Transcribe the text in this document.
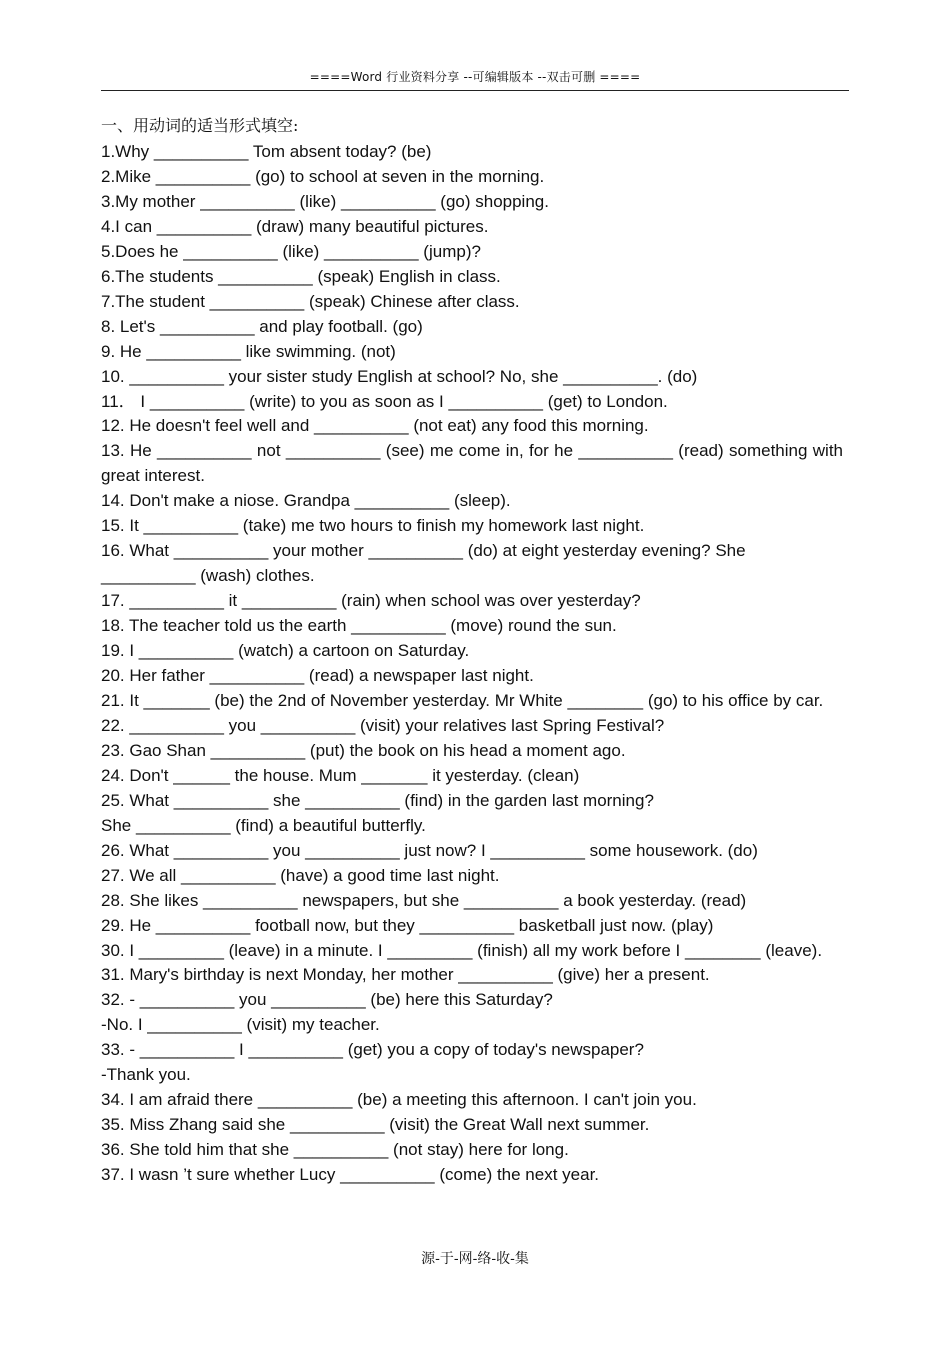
====Word 行业资料分享 --可编辑版本 --双击可删 ====
一、用动词的适当形式填空:

1.Why __________ Tom absent today? (be)

2.Mike __________ (go) to school at seven in the morning.

3.My mother __________ (like) __________ (go) shopping.

4.I can __________ (draw) many beautiful pictures.

5.Does he __________ (like) __________ (jump)?

6.The students __________ (speak) English in class.

7.The student __________ (speak) Chinese after class.

8. Let's __________ and play football. (go)

9. He __________ like swimming. (not)

10. __________ your sister study English at school? No, she __________. (do)

11． I __________ (write) to you as soon as I __________ (get) to London.

12. He doesn't feel well and __________ (not eat) any food this morning.

13. He __________ not __________ (see) me come in, for he __________ (read) something with great interest.

14. Don't make a niose. Grandpa __________ (sleep).

15. It __________ (take) me two hours to finish my homework last night.

16. What __________ your mother __________ (do) at eight yesterday evening? She __________ (wash) clothes.

17. __________ it __________ (rain) when school was over yesterday?

18. The teacher told us the earth __________ (move) round the sun.

19. I __________ (watch) a cartoon on Saturday.

20. Her father __________ (read) a newspaper last night.

21. It _______ (be) the 2nd of November yesterday. Mr White ________ (go) to his office by car.

22. __________ you __________ (visit) your relatives last Spring Festival?

23. Gao Shan __________ (put) the book on his head a moment ago.

24. Don't ______ the house. Mum _______ it yesterday. (clean)

25. What __________ she __________ (find) in the garden last morning?

She __________ (find) a beautiful butterfly.

26. What __________ you __________ just now? I __________ some housework. (do)

27. We all __________ (have) a good time last night.

28. She likes __________ newspapers, but she __________ a book yesterday. (read)

29. He __________ football now, but they __________ basketball just now. (play)

30. I _________ (leave) in a minute. I _________ (finish) all my work before I ________ (leave).

31. Mary's birthday is next Monday, her mother __________ (give) her a present.

32. - __________ you __________ (be) here this Saturday?

-No. I __________ (visit) my teacher.

33. - __________ I __________ (get) you a copy of today's newspaper?

-Thank you.

34. I am afraid there __________ (be) a meeting this afternoon. I can't join you.

35. Miss Zhang said she __________ (visit) the Great Wall next summer.

36. She told him that she __________ (not stay) here for long.

37. I wasn ’t sure whether Lucy __________ (come) the next year.

源-于-网-络-收-集
